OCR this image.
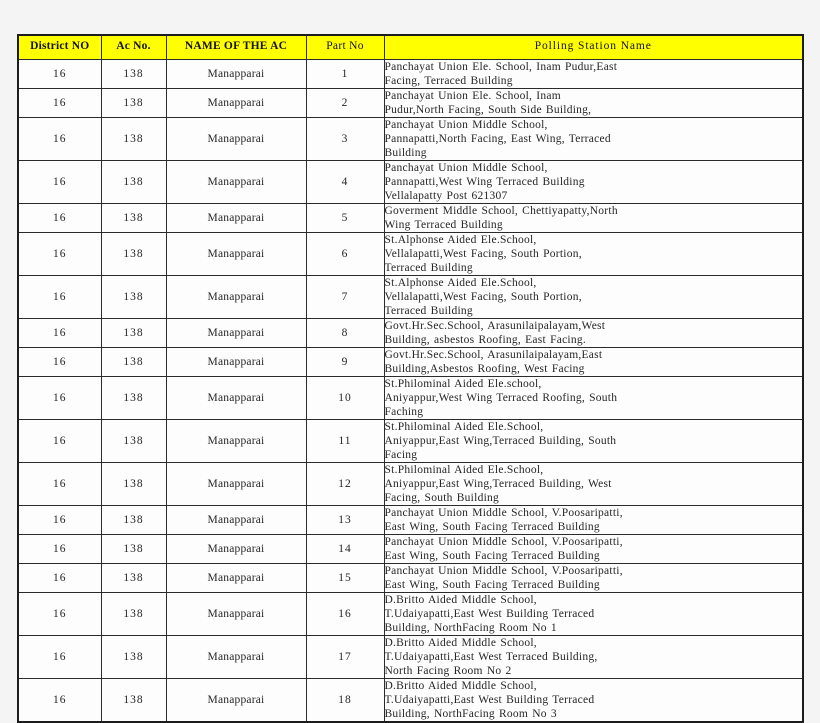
District NO	Ac No.	NAME OF THE AC	Part No	Polling Station Name
16	138	Manapparai	1	Panchayat Union Ele. School, Inam Pudur,East
Facing, Terraced Building

16	138	Manapparai	2	Panchayat Union Ele. School, Inam
Pudur,North Facing, South Side Building,

16	138	Manapparai	3	Panchayat Union Middle School,
Pannapatti,North Facing, East Wing, Terraced
Building

16	138	Manapparai	4	Panchayat Union Middle School,
Pannapatti,West Wing Terraced Building
Vellalapatty Post 621307

16	138	Manapparai	5	Goverment Middle School, Chettiyapatty,North
Wing Terraced Building

16	138	Manapparai	6	St.Alphonse Aided Ele.School,
Vellalapatti,West Facing, South Portion,
Terraced Building

16	138	Manapparai	7	St.Alphonse Aided Ele.School,
Vellalapatti,West Facing, South Portion,
Terraced Building

16	138	Manapparai	8	Govt.Hr.Sec.School, Arasunilaipalayam,West
Building, asbestos Roofing, East Facing.

16	138	Manapparai	9	Govt.Hr.Sec.School, Arasunilaipalayam,East
Building,Asbestos Roofing, West Facing

16	138	Manapparai	10	St.Philominal Aided Ele.school,
Aniyappur,West Wing Terraced Roofing, South
Faching

16	138	Manapparai	11	St.Philominal Aided Ele.School,
Aniyappur,East Wing,Terraced Building, South
Facing

16	138	Manapparai	12	St.Philominal Aided Ele.School,
Aniyappur,East Wing,Terraced Building, West
Facing, South Building

16	138	Manapparai	13	Panchayat Union Middle School, V.Poosaripatti,
East Wing, South Facing Terraced Building

16	138	Manapparai	14	Panchayat Union Middle School, V.Poosaripatti,
East Wing, South Facing Terraced Building

16	138	Manapparai	15	Panchayat Union Middle School, V.Poosaripatti,
East Wing, South Facing Terraced Building

16	138	Manapparai	16	D.Britto Aided Middle School,
T.Udaiyapatti,East West Building Terraced
Building, NorthFacing Room No 1

16	138	Manapparai	17	D.Britto Aided Middle School,
T.Udaiyapatti,East West Terraced Building,
North Facing Room No 2

16	138	Manapparai	18	D.Britto Aided Middle School,
T.Udaiyapatti,East West Building Terraced
Building, NorthFacing Room No 3
